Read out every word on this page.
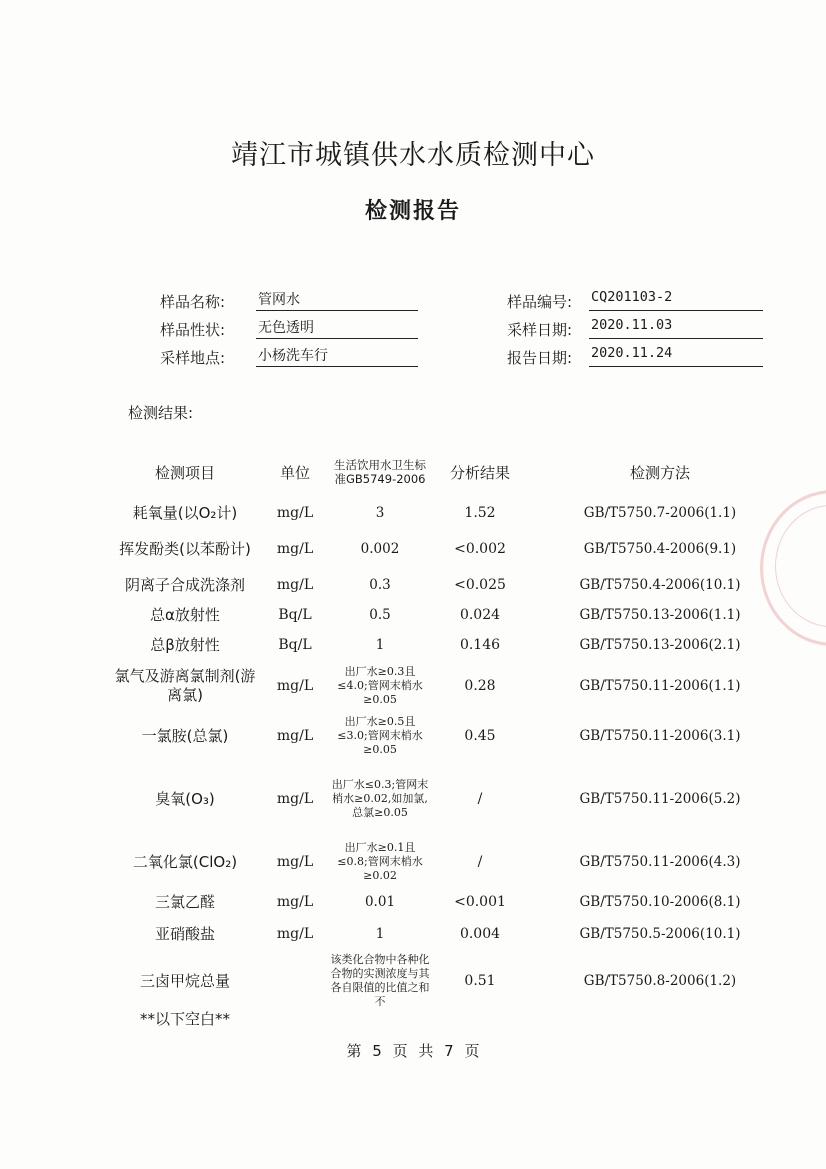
靖江市城镇供水水质检测中心
检测报告
样品名称: 管网水
样品性状: 无色透明
采样地点: 小杨洗车行
样品编号: CQ201103-2
采样日期: 2020.11.03
报告日期: 2020.11.24
检测结果:
检测项目	单位	生活饮用水卫生标准GB5749-2006	分析结果	检测方法
耗氧量(以O₂计)	mg/L	3	1.52	GB/T5750.7-2006(1.1)
挥发酚类(以苯酚计)	mg/L	0.002	<0.002	GB/T5750.4-2006(9.1)
阴离子合成洗涤剂	mg/L	0.3	<0.025	GB/T5750.4-2006(10.1)
总α放射性	Bq/L	0.5	0.024	GB/T5750.13-2006(1.1)
总β放射性	Bq/L	1	0.146	GB/T5750.13-2006(2.1)
氯气及游离氯制剂(游离氯)	mg/L	出厂水≥0.3且≤4.0;管网末梢水≥0.05	0.28	GB/T5750.11-2006(1.1)
一氯胺(总氯)	mg/L	出厂水≥0.5且≤3.0;管网末梢水≥0.05	0.45	GB/T5750.11-2006(3.1)
臭氧(O₃)	mg/L	出厂水≤0.3;管网末梢水≥0.02,如加氯,总氯≥0.05	/	GB/T5750.11-2006(5.2)
二氧化氯(ClO₂)	mg/L	出厂水≥0.1且≤0.8;管网末梢水≥0.02	/	GB/T5750.11-2006(4.3)
三氯乙醛	mg/L	0.01	<0.001	GB/T5750.10-2006(8.1)
亚硝酸盐	mg/L	1	0.004	GB/T5750.5-2006(10.1)
三卤甲烷总量		该类化合物中各种化合物的实测浓度与其各自限值的比值之和不	0.51	GB/T5750.8-2006(1.2)
**以下空白**
第 5 页 共 7 页
